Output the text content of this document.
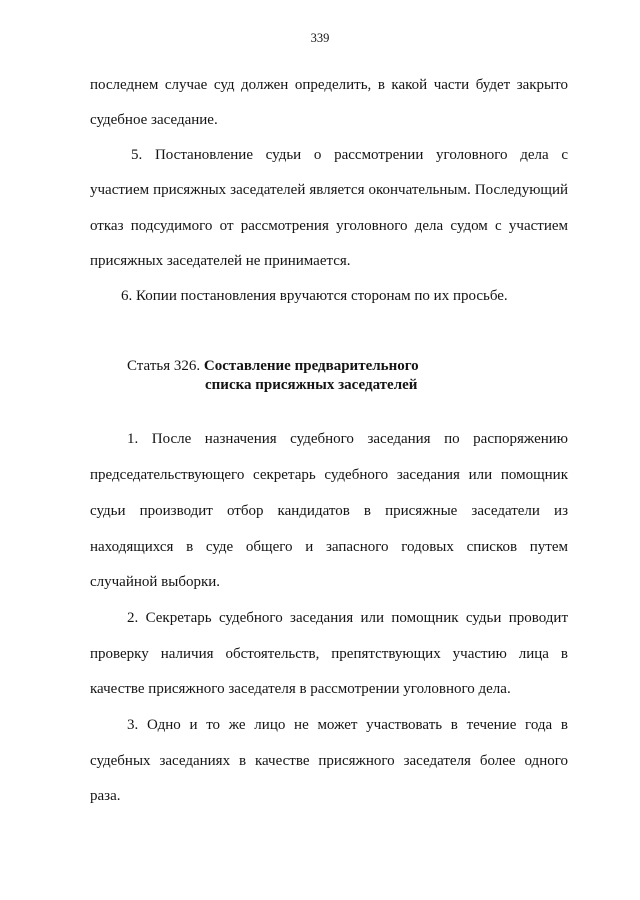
339
последнем случае суд должен определить, в какой части будет закрыто
судебное заседание.
5. Постановление судьи о рассмотрении уголовного дела с
участием присяжных заседателей является окончательным. Последующий
отказ подсудимого от рассмотрения уголовного дела судом с участием
присяжных заседателей не принимается.
6. Копии постановления вручаются сторонам по их просьбе.
Статья 326. Составление предварительного
списка присяжных заседателей
1. После назначения судебного заседания по распоряжению
председательствующего секретарь судебного заседания или помощник
судьи производит отбор кандидатов в присяжные заседатели из
находящихся в суде общего и запасного годовых списков путем
случайной выборки.
2. Секретарь судебного заседания или помощник судьи проводит
проверку наличия обстоятельств, препятствующих участию лица в
качестве присяжного заседателя в рассмотрении уголовного дела.
3. Одно и то же лицо не может участвовать в течение года в
судебных заседаниях в качестве присяжного заседателя более одного
раза.
